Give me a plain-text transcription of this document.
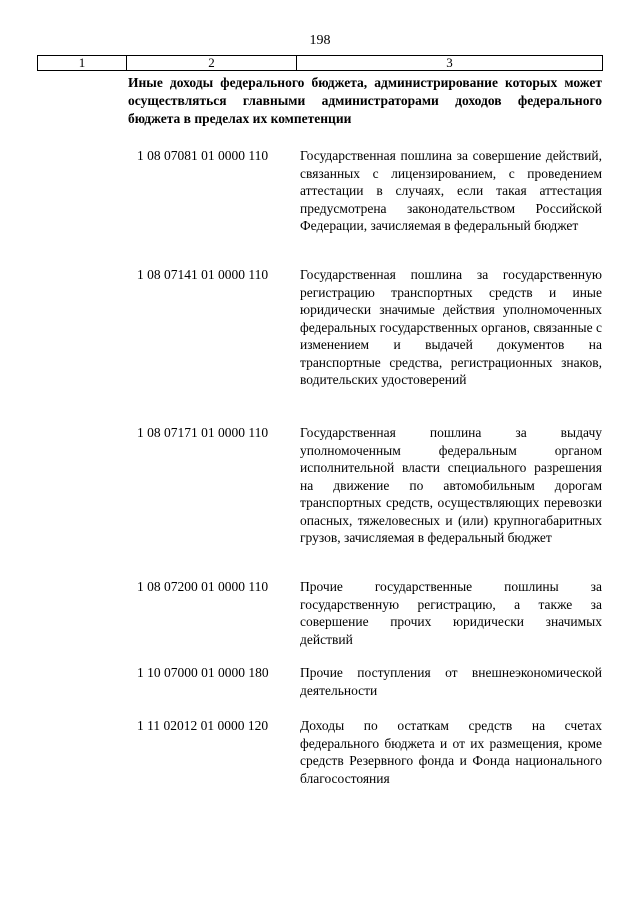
198
1	2	3
Иные доходы федерального бюджета, администрирование которых может осуществляться главными администраторами доходов федерального бюджета в пределах их компетенции
1 08 07081 01 0000 110 Государственная пошлина за совершение действий, связанных с лицензированием, с проведением аттестации в случаях, если такая аттестация предусмотрена законодательством Российской Федерации, зачисляемая в федеральный бюджет
1 08 07141 01 0000 110 Государственная пошлина за государственную регистрацию транспортных средств и иные юридически значимые действия уполномоченных федеральных государственных органов, связанные с изменением и выдачей документов на транспортные средства, регистрационных знаков, водительских удостоверений
1 08 07171 01 0000 110 Государственная пошлина за выдачу уполномоченным федеральным органом исполнительной власти специального разрешения на движение по автомобильным дорогам транспортных средств, осуществляющих перевозки опасных, тяжеловесных и (или) крупногабаритных грузов, зачисляемая в федеральный бюджет
1 08 07200 01 0000 110 Прочие государственные пошлины за государственную регистрацию, а также за совершение прочих юридически значимых действий
1 10 07000 01 0000 180 Прочие поступления от внешнеэкономической деятельности
1 11 02012 01 0000 120 Доходы по остаткам средств на счетах федерального бюджета и от их размещения, кроме средств Резервного фонда и Фонда национального благосостояния
